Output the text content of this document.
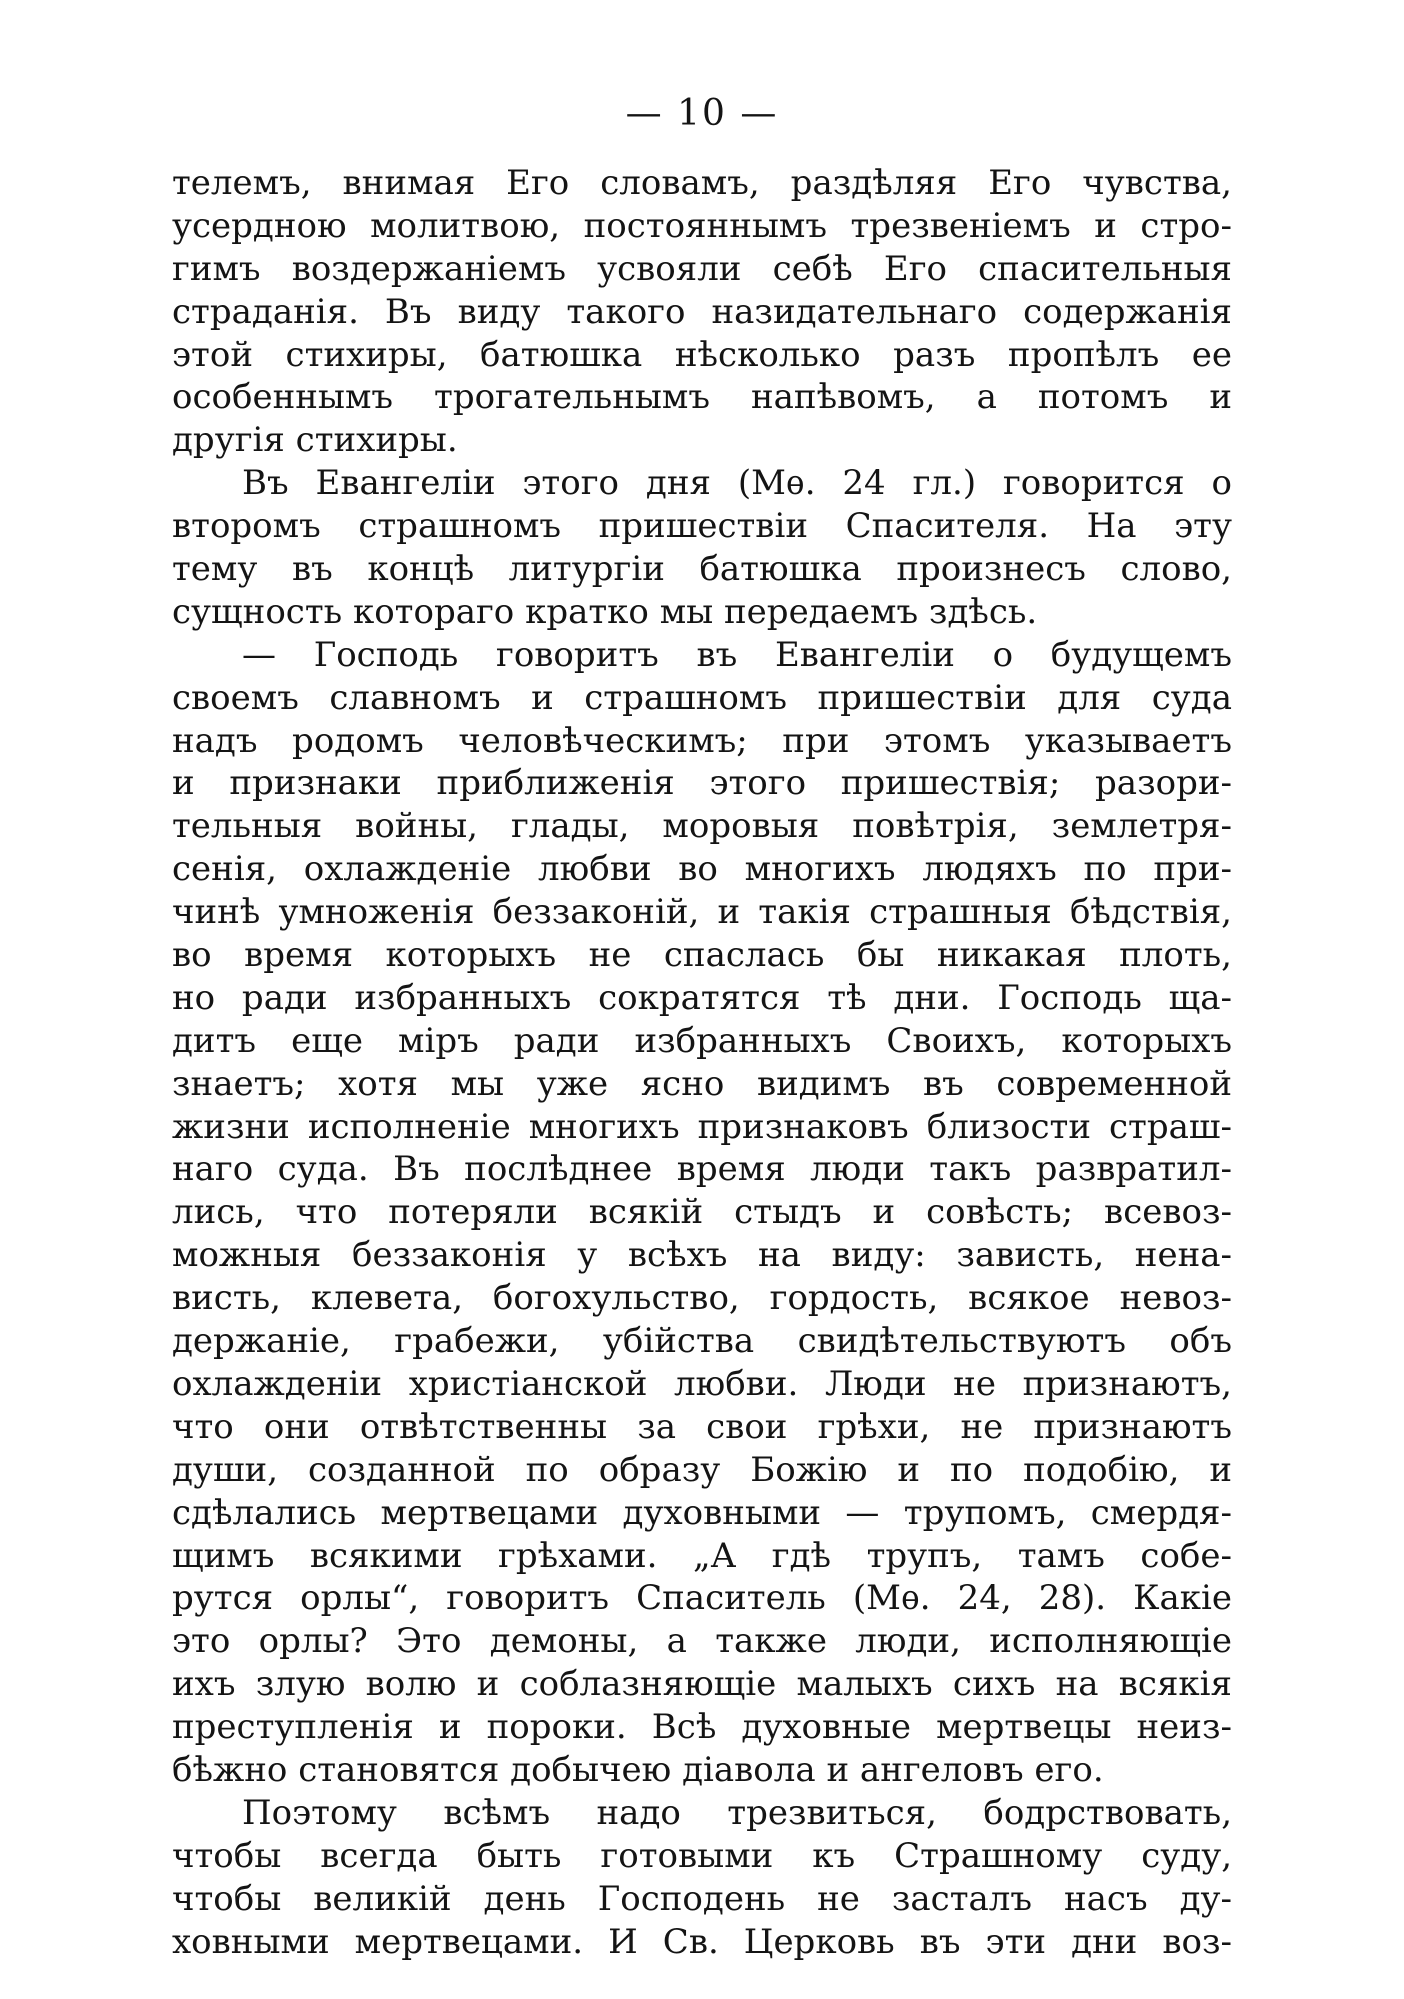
— 10 —
телемъ, внимая Его словамъ, раздѣляя Его чувства,
усердною молитвою, постояннымъ трезвеніемъ и стро-
гимъ воздержаніемъ усвояли себѣ Его спасительныя
страданія. Въ виду такого назидательнаго содержанія
этой стихиры, батюшка нѣсколько разъ пропѣлъ ее
особеннымъ трогательнымъ напѣвомъ, а потомъ и
другія стихиры.
Въ Евангеліи этого дня (Мѳ. 24 гл.) говорится о
второмъ страшномъ пришествіи Спасителя. На эту
тему въ концѣ литургіи батюшка произнесъ слово,
сущность котораго кратко мы передаемъ здѣсь.
— Господь говоритъ въ Евангеліи о будущемъ
своемъ славномъ и страшномъ пришествіи для суда
надъ родомъ человѣческимъ; при этомъ указываетъ
и признаки приближенія этого пришествія; разори-
тельныя войны, глады, моровыя повѣтрія, землетря-
сенія, охлажденіе любви во многихъ людяхъ по при-
чинѣ умноженія беззаконій, и такія страшныя бѣдствія,
во время которыхъ не спаслась бы никакая плоть,
но ради избранныхъ сократятся тѣ дни. Господь ща-
дитъ еще міръ ради избранныхъ Своихъ, которыхъ
знаетъ; хотя мы уже ясно видимъ въ современной
жизни исполненіе многихъ признаковъ близости страш-
наго суда. Въ послѣднее время люди такъ развратил-
лись, что потеряли всякій стыдъ и совѣсть; всевоз-
можныя беззаконія у всѣхъ на виду: зависть, нена-
висть, клевета, богохульство, гордость, всякое невоз-
держаніе, грабежи, убійства свидѣтельствуютъ объ
охлажденіи христіанской любви. Люди не признаютъ,
что они отвѣтственны за свои грѣхи, не признаютъ
души, созданной по образу Божію и по подобію, и
сдѣлались мертвецами духовными — трупомъ, смердя-
щимъ всякими грѣхами. „А гдѣ трупъ, тамъ собе-
рутся орлы“, говоритъ Спаситель (Мѳ. 24, 28). Какіе
это орлы? Это демоны, а также люди, исполняющіе
ихъ злую волю и соблазняющіе малыхъ сихъ на всякія
преступленія и пороки. Всѣ духовные мертвецы неиз-
бѣжно становятся добычею діавола и ангеловъ его.
Поэтому всѣмъ надо трезвиться, бодрствовать,
чтобы всегда быть готовыми къ Страшному суду,
чтобы великій день Господень не засталъ насъ ду-
ховными мертвецами. И Св. Церковь въ эти дни воз-
